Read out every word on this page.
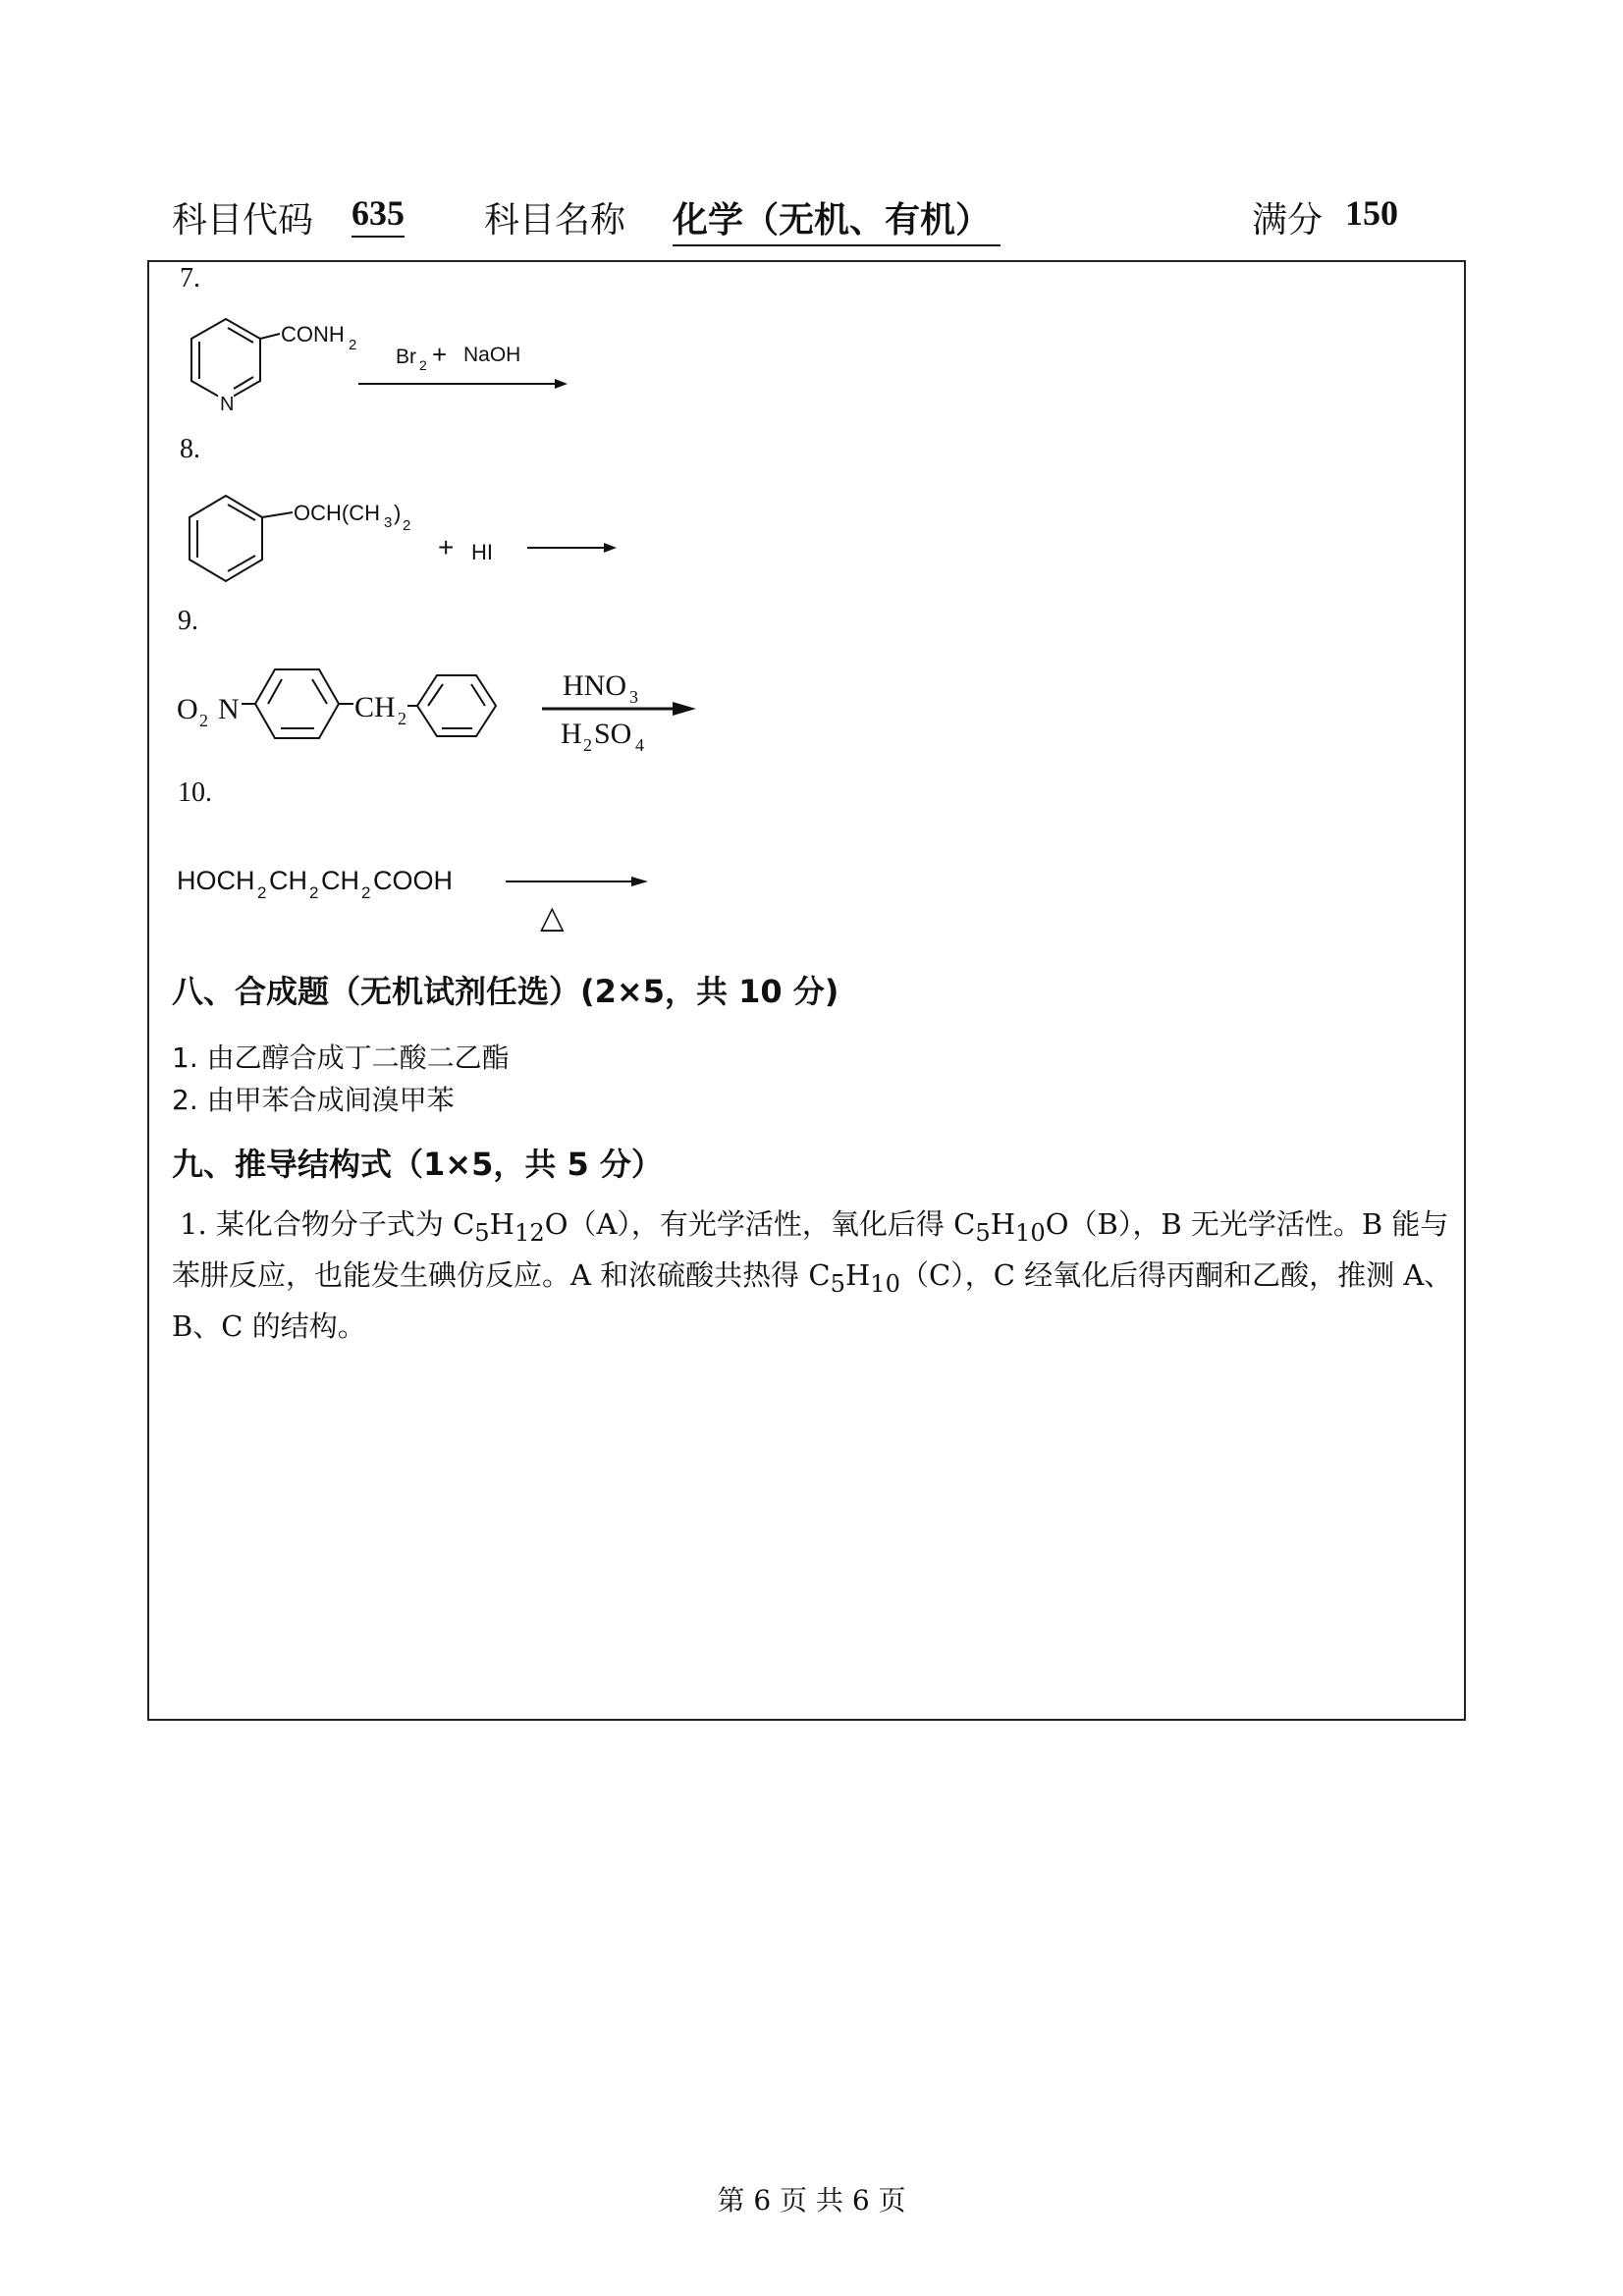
科目代码 635 科目名称 化学（无机、有机）	满分 150
7.
N
CONH 2
Br 2 + NaOH
8.
OCH(CH 3 )
2
+ HI
9.
O 2 N	CH 2
HNO 3
H 2 SO 4
10.
HOCH 2 CH 2 CH 2 COOH
△
八、合成题（无机试剂任选）(2×5，共 10 分)
1. 由乙醇合成丁二酸二乙酯
2. 由甲苯合成间溴甲苯
九、推导结构式（1×5，共 5 分）
1. 某化合物分子式为 $C_5H_{12}O(A)$，有光学活性，氧化后得 $C_5H_{10}O(B)$，B 无光学活性。B 能与苯肼反应，也能发生碘仿反应。A 和浓硫酸共热得 $C_5H_{10}(C)$，C 经氧化后得丙酮和乙酸，推测 A、B、C 的结构。
第 6 页 共 6 页
